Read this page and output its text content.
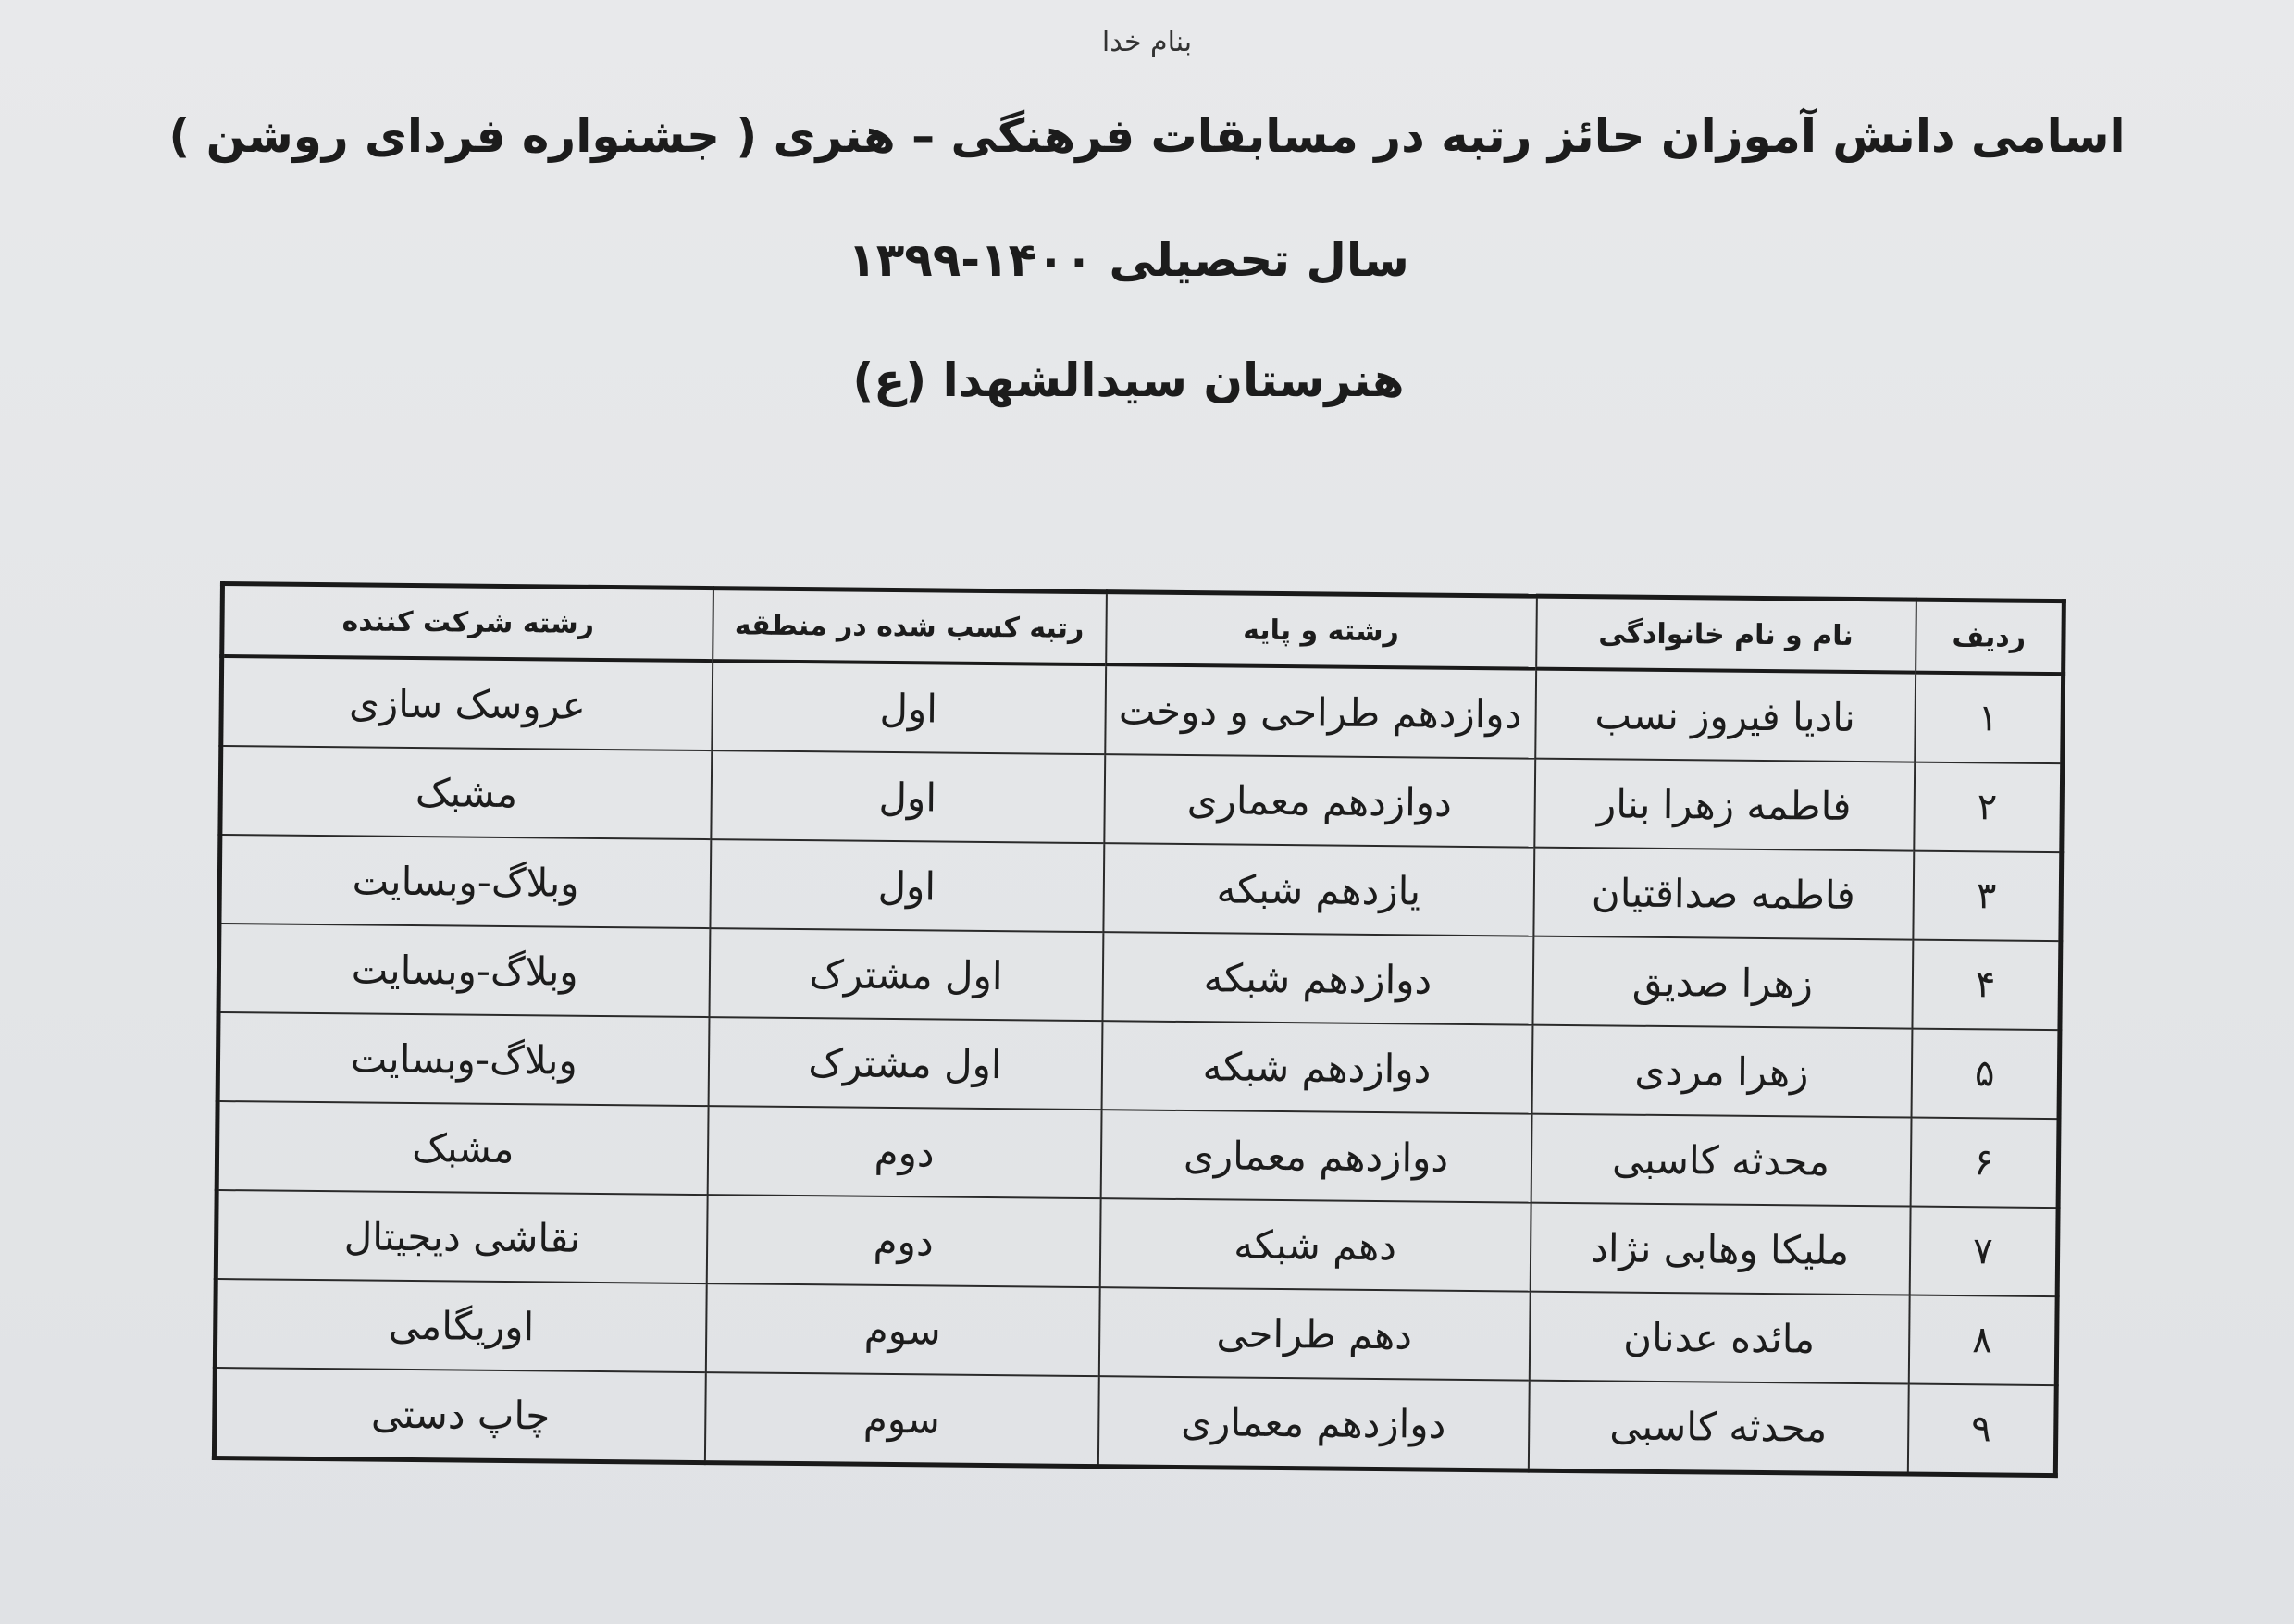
بنام خدا
اسامی دانش آموزان حائز رتبه در مسابقات فرهنگی – هنری ( جشنواره فردای روشن )
سال تحصیلی ۱۴۰۰-۱۳۹۹
هنرستان سیدالشهدا (ع)
ردیف	نام و نام خانوادگی	رشته و پایه	رتبه کسب شده در منطقه	رشته شرکت کننده
۱	نادیا فیروز نسب	دوازدهم طراحی و دوخت	اول	عروسک سازی
۲	فاطمه زهرا بنار	دوازدهم معماری	اول	مشبک
۳	فاطمه صداقتیان	یازدهم شبکه	اول	وبلاگ-وبسایت
۴	زهرا صدیق	دوازدهم شبکه	اول مشترک	وبلاگ-وبسایت
۵	زهرا مردی	دوازدهم شبکه	اول مشترک	وبلاگ-وبسایت
۶	محدثه کاسبی	دوازدهم معماری	دوم	مشبک
۷	ملیکا وهابی نژاد	دهم شبکه	دوم	نقاشی دیجیتال
۸	مائده عدنان	دهم طراحی	سوم	اوریگامی
۹	محدثه کاسبی	دوازدهم معماری	سوم	چاپ دستی
